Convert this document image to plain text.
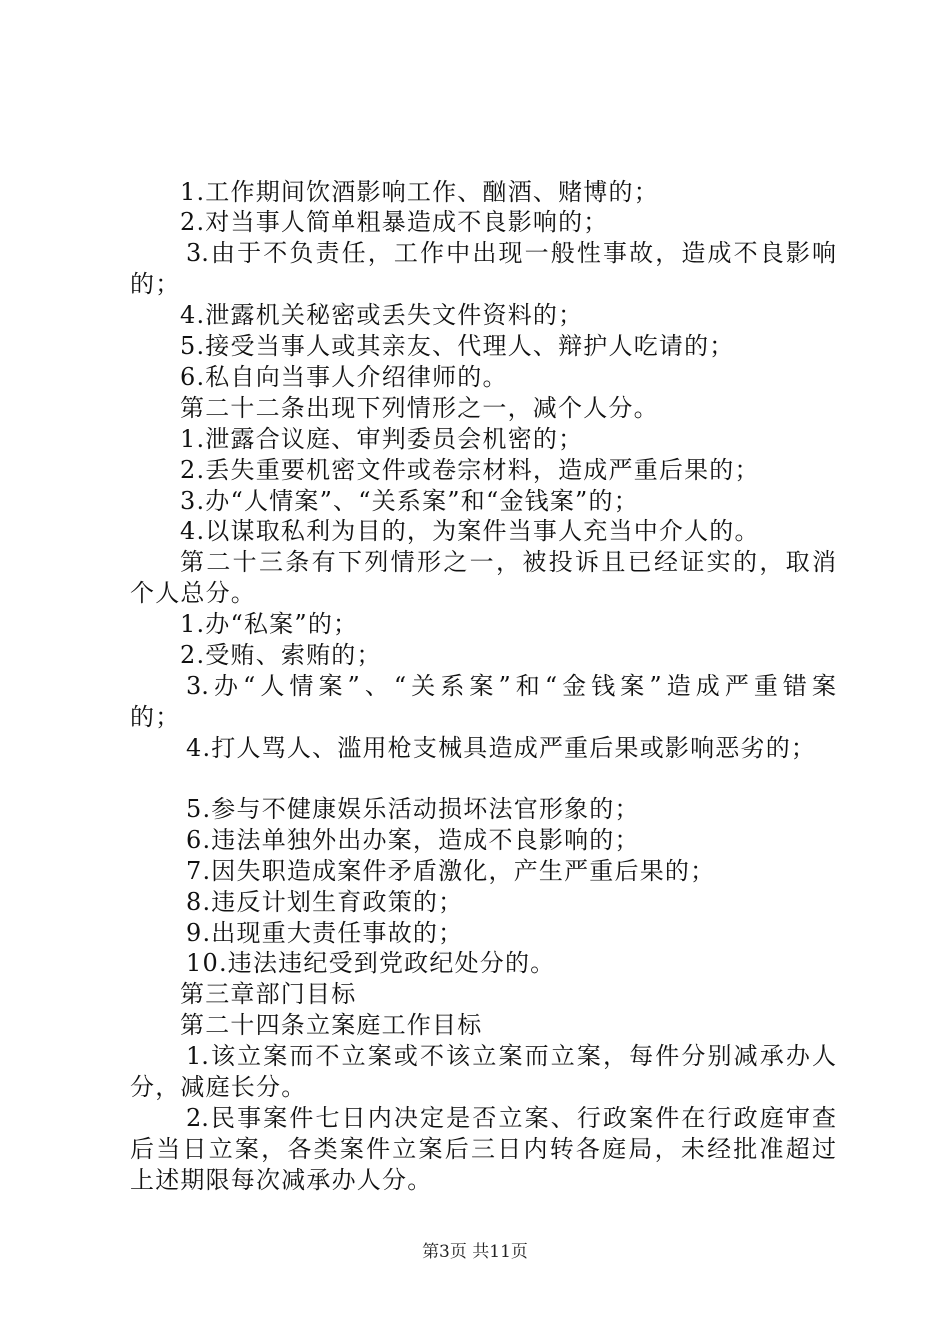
1.工作期间饮酒影响工作、酗酒、赌博的；
2.对当事人简单粗暴造成不良影响的；
3.由于不负责任，工作中出现一般性事故，造成不良影响
的；
4.泄露机关秘密或丢失文件资料的；
5.接受当事人或其亲友、代理人、辩护人吃请的；
6.私自向当事人介绍律师的。
第二十二条出现下列情形之一，减个人分。
1.泄露合议庭、审判委员会机密的；
2.丢失重要机密文件或卷宗材料，造成严重后果的；
3.办“人情案”、“关系案”和“金钱案”的；
4.以谋取私利为目的，为案件当事人充当中介人的。
第二十三条有下列情形之一，被投诉且已经证实的，取消
个人总分。
1.办“私案”的；
2.受贿、索贿的；
3.办“人情案”、“关系案”和“金钱案”造成严重错案
的；
4.打人骂人、滥用枪支械具造成严重后果或影响恶劣的；
5.参与不健康娱乐活动损坏法官形象的；
6.违法单独外出办案，造成不良影响的；
7.因失职造成案件矛盾激化，产生严重后果的；
8.违反计划生育政策的；
9.出现重大责任事故的；
10.违法违纪受到党政纪处分的。
第三章部门目标
第二十四条立案庭工作目标
1.该立案而不立案或不该立案而立案，每件分别减承办人
分，减庭长分。
2.民事案件七日内决定是否立案、行政案件在行政庭审查
后当日立案，各类案件立案后三日内转各庭局，未经批准超过
上述期限每次减承办人分。
第3页 共11页
